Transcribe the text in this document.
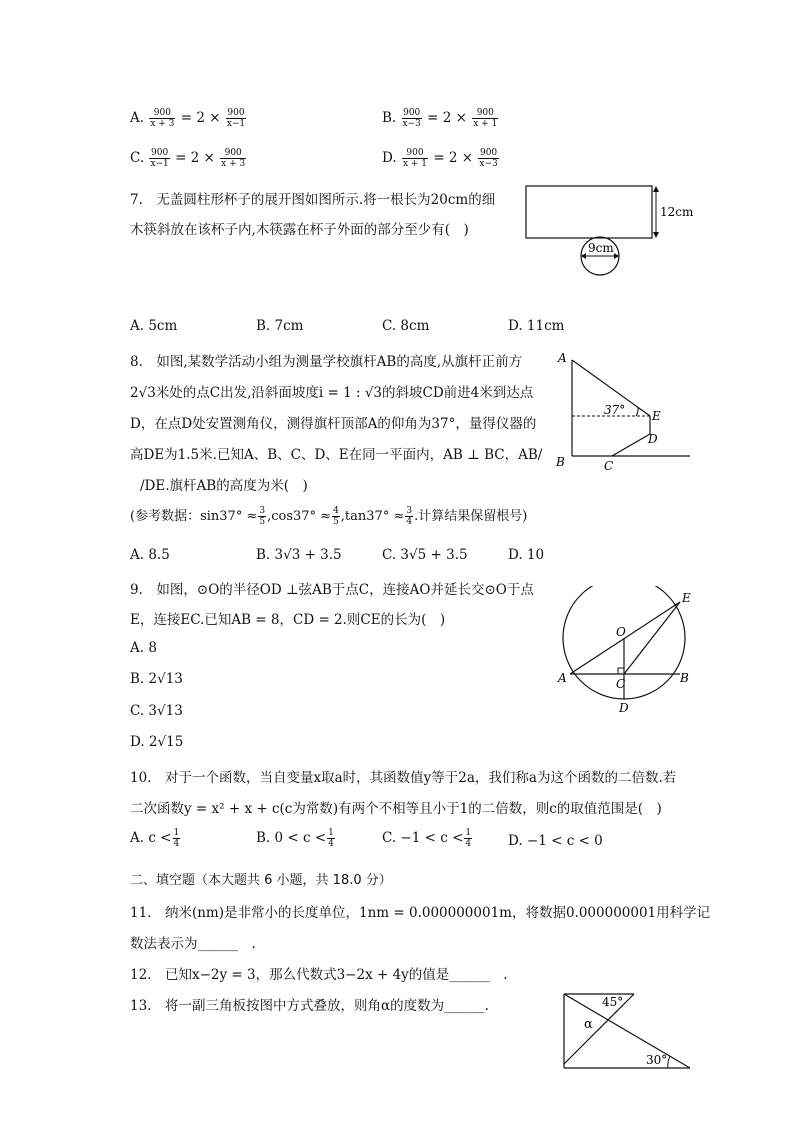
A. $\frac{900}{x + 3} = 2 \times \frac{900}{x-1}$	B. $\frac{900}{x-3} = 2 \times \frac{900}{x + 1}$
C. $\frac{900}{x-1} = 2 \times \frac{900}{x + 3}$	D. $\frac{900}{x + 1} = 2 \times \frac{900}{x-3}$
7.　无盖圆柱形杯子的展开图如图所示.将一根长为20cm的细
木筷斜放在该杯子内,木筷露在杯子外面的部分至少有(　)
12cm
9cm
A. 5cm	B. 7cm	C. 8cm	D. 11cm
8.　如图,某数学活动小组为测量学校旗杆AB的高度,从旗杆正前方
2√3米处的点C出发,沿斜面坡度i = 1 : √3的斜坡CD前进4米到达点
D，在点D处安置测角仪，测得旗杆顶部A的仰角为37°，量得仪器的
高DE为1.5米.已知A、B、C、D、E在同一平面内，AB ⊥ BC，AB/
/DE.旗杆AB的高度为米(　)
(参考数据：$\sin 37^\circ \approx \frac{3}{5} ,\cos 37^\circ \approx \frac{4}{5} ,\tan 37^\circ \approx \frac{3}{4}$ .计算结果保留根号)
A
B	C
D
E
37°
A. 8.5	B. 3√3 + 3.5	C. 3√5 + 3.5	D. 10
9.　如图，⊙O的半径OD ⊥弦AB于点C，连接AO并延长交⊙O于点
E，连接EC.已知AB = 8，CD = 2.则CE的长为(　)
A. 8
B. 2√13
C. 3√13
D. 2√15
O
A	B
C
D
E
10.　对于一个函数，当自变量x取a时，其函数值y等于2a，我们称a为这个函数的二倍数.若
二次函数y = x² + x + c(c为常数)有两个不相等且小于1的二倍数，则c的取值范围是(　)
A. $c < \frac{1}{4}$	B. $0 < c < \frac{1}{4}$	C. $-1 < c < \frac{1}{4}$	D. −1 < c < 0
二、填空题（本大题共 6 小题，共 18.0 分）
11.　纳米(nm)是非常小的长度单位，1nm = 0.000000001m，将数据0.000000001用科学记
数法表示为______　.
12.　已知x−2y = 3，那么代数式3−2x + 4y的值是______　.
13.　将一副三角板按图中方式叠放，则角α的度数为______.	45°
α
30°
